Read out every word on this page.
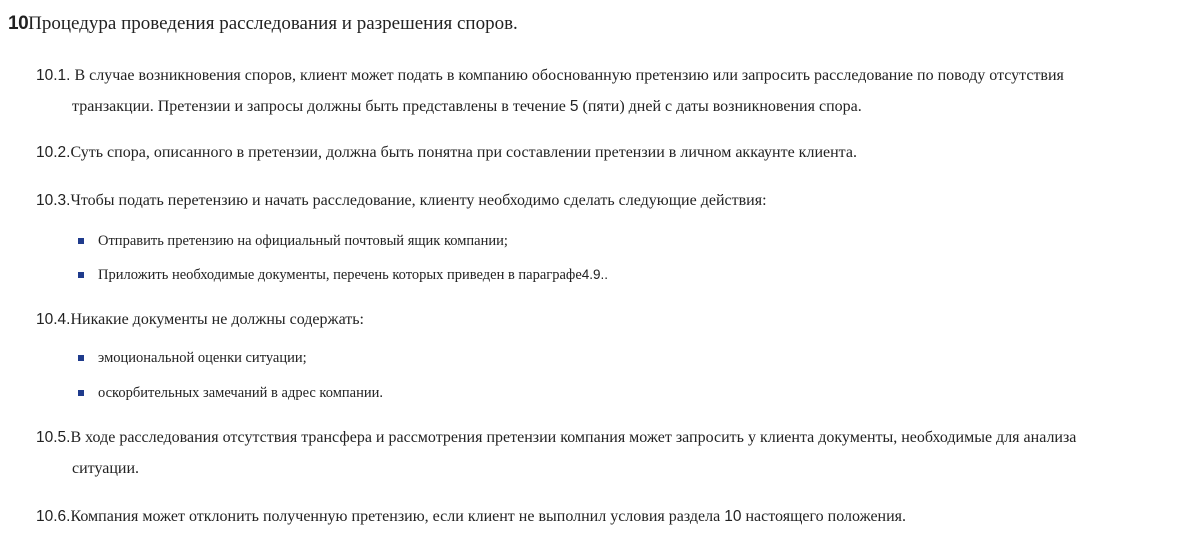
10Процедура проведения расследования и разрешения споров.
10.1. В случае возникновения споров, клиент может подать в компанию обоснованную претензию или запросить расследование по поводу отсутствия
транзакции. Претензии и запросы должны быть представлены в течение 5 (пяти) дней с даты возникновения спора.
10.2.Суть спора, описанного в претензии, должна быть понятна при составлении претензии в личном аккаунте клиента.
10.3.Чтобы подать перетензию и начать расследование, клиенту необходимо сделать следующие действия:
Отправить претензию на официальный почтовый ящик компании;
Приложить необходимые документы, перечень которых приведен в параграфе 4.9..
10.4.Никакие документы не должны содержать:
эмоциональной оценки ситуации;
оскорбительных замечаний в адрес компании.
10.5.В ходе расследования отсутствия трансфера и рассмотрения претензии компания может запросить у клиента документы, необходимые для анализа
ситуации.
10.6.Компания может отклонить полученную претензию, если клиент не выполнил условия раздела 10 настоящего положения.
